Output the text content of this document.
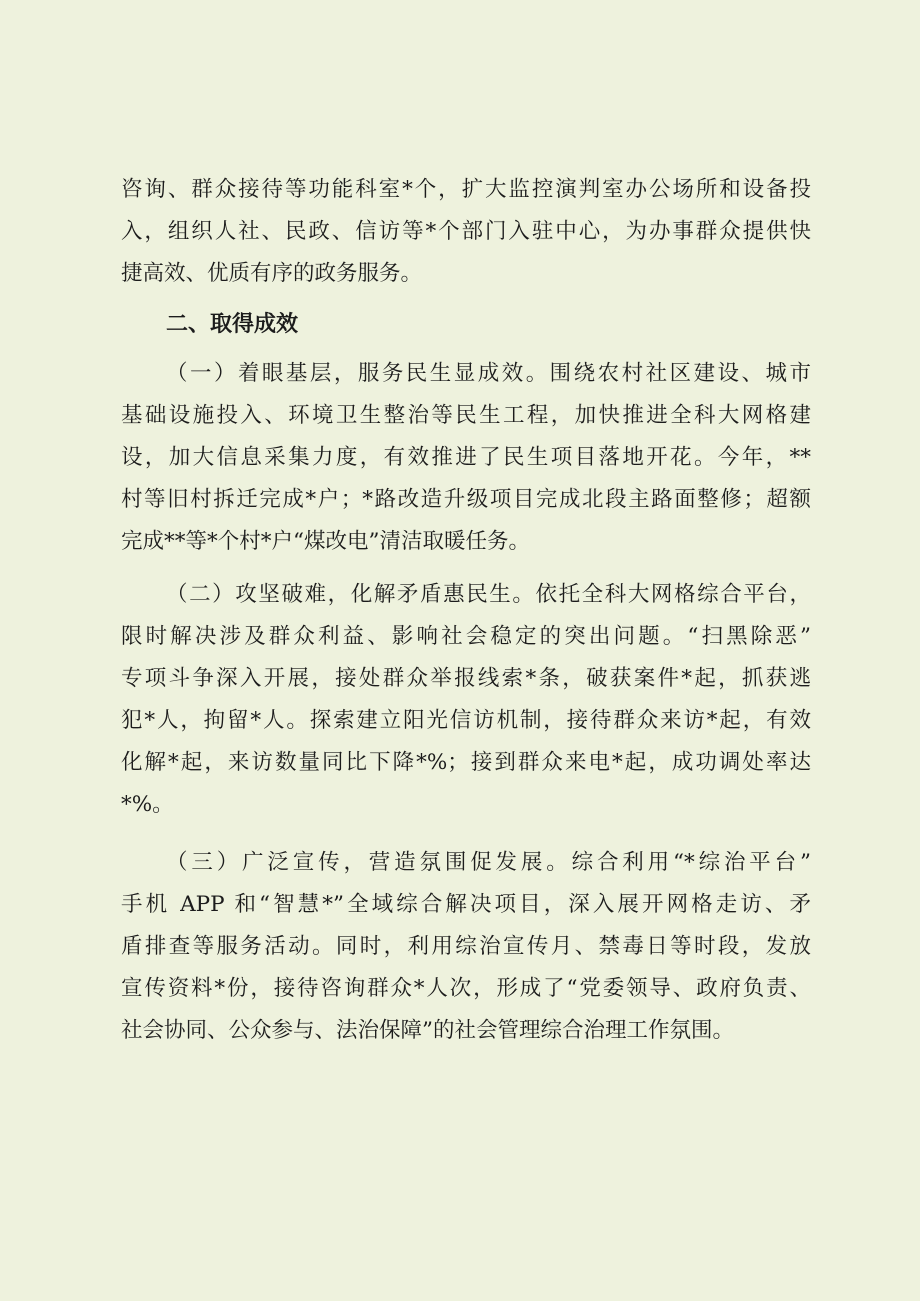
咨询、群众接待等功能科室*个，扩大监控演判室办公场所和设备投
入，组织人社、民政、信访等*个部门入驻中心，为办事群众提供快
捷高效、优质有序的政务服务。
二、取得成效
（一）着眼基层，服务民生显成效。围绕农村社区建设、城市
基础设施投入、环境卫生整治等民生工程，加快推进全科大网格建
设，加大信息采集力度，有效推进了民生项目落地开花。今年，**
村等旧村拆迁完成*户；*路改造升级项目完成北段主路面整修；超额
完成**等*个村*户“煤改电”清洁取暖任务。
（二）攻坚破难，化解矛盾惠民生。依托全科大网格综合平台，
限时解决涉及群众利益、影响社会稳定的突出问题。“扫黑除恶”
专项斗争深入开展，接处群众举报线索*条，破获案件*起，抓获逃
犯*人，拘留*人。探索建立阳光信访机制，接待群众来访*起，有效
化解*起，来访数量同比下降*%；接到群众来电*起，成功调处率达
*%。
（三）广泛宣传，营造氛围促发展。综合利用“*综治平台”
手机 APP 和“智慧*”全域综合解决项目，深入展开网格走访、矛
盾排查等服务活动。同时，利用综治宣传月、禁毒日等时段，发放
宣传资料*份，接待咨询群众*人次，形成了“党委领导、政府负责、
社会协同、公众参与、法治保障”的社会管理综合治理工作氛围。
